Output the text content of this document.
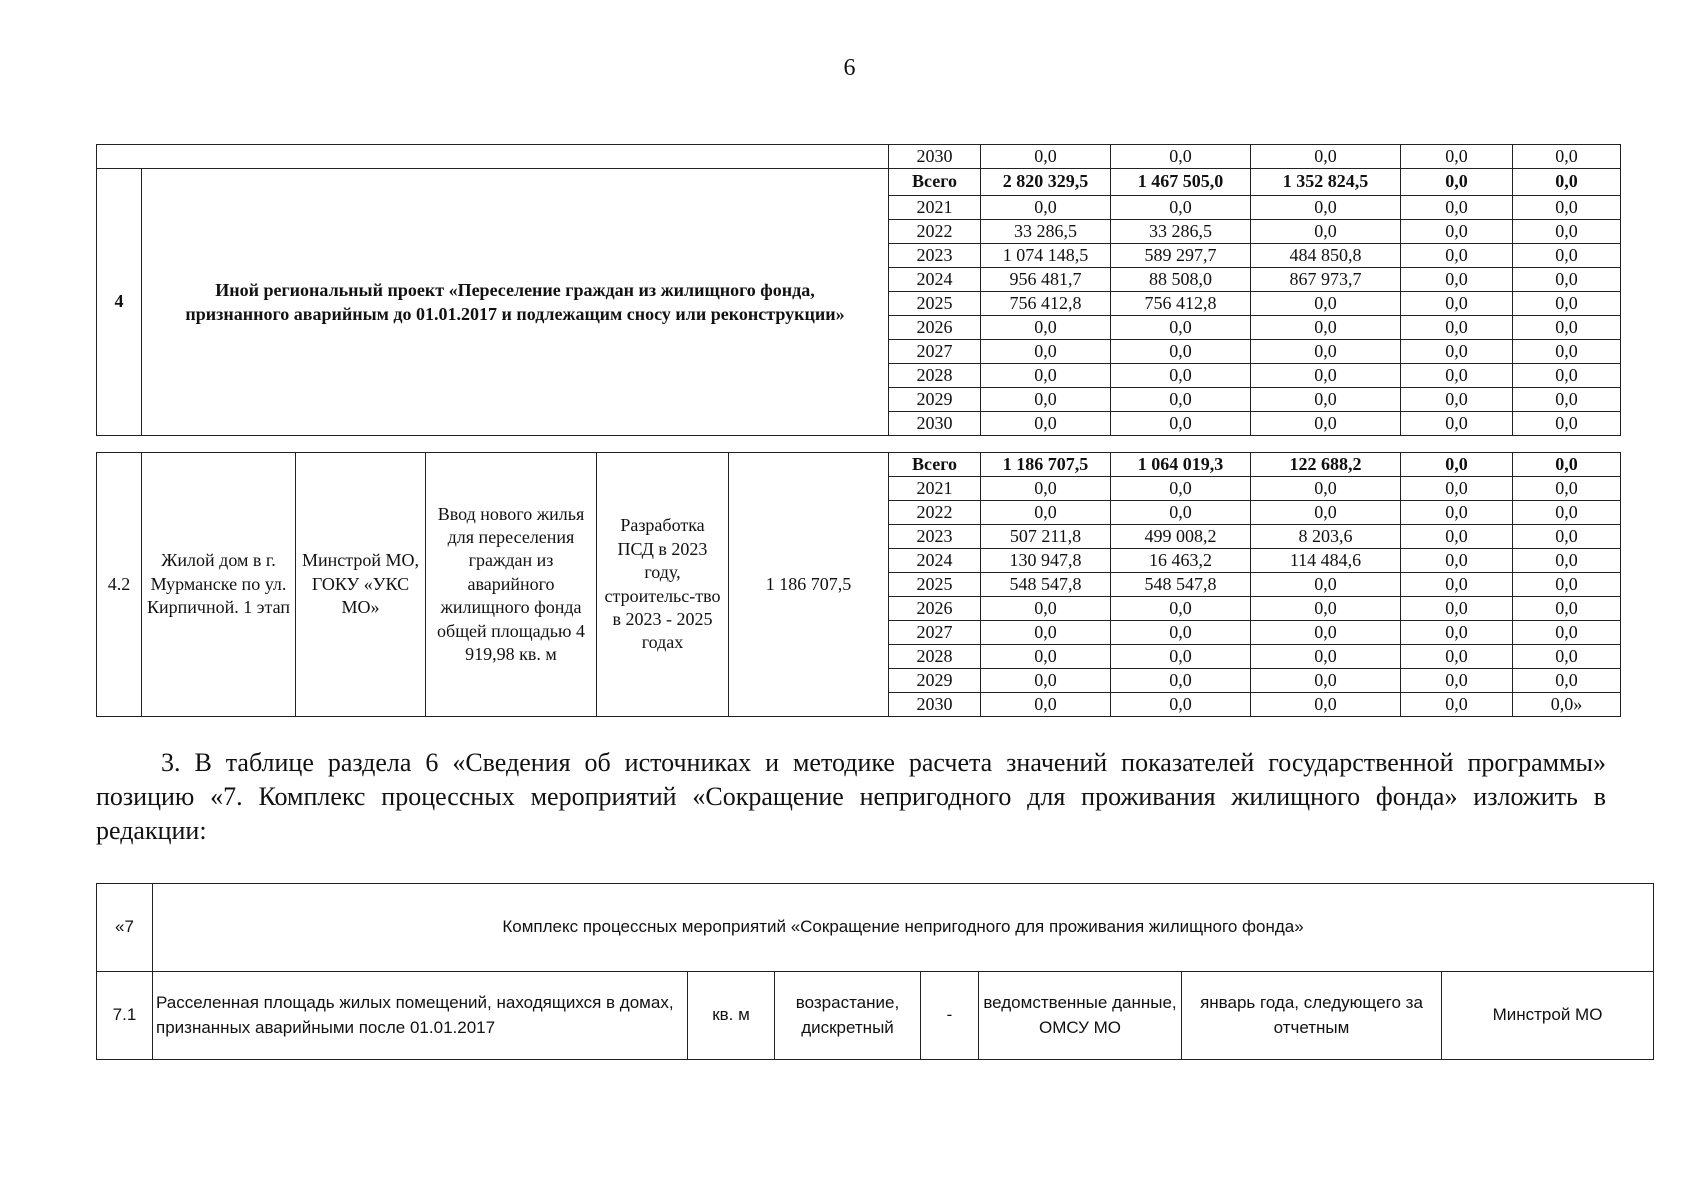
6
		2030	0,0	0,0	0,0	0,0	0,0
4	Иной региональный проект «Переселение граждан из жилищного фонда, признанного аварийным до 01.01.2017 и подлежащим сносу или реконструкции»	Всего	2 820 329,5	1 467 505,0	1 352 824,5	0,0	0,0
		2021	0,0	0,0	0,0	0,0	0,0
		2022	33 286,5	33 286,5	0,0	0,0	0,0
		2023	1 074 148,5	589 297,7	484 850,8	0,0	0,0
		2024	956 481,7	88 508,0	867 973,7	0,0	0,0
		2025	756 412,8	756 412,8	0,0	0,0	0,0
		2026	0,0	0,0	0,0	0,0	0,0
		2027	0,0	0,0	0,0	0,0	0,0
		2028	0,0	0,0	0,0	0,0	0,0
		2029	0,0	0,0	0,0	0,0	0,0
		2030	0,0	0,0	0,0	0,0	0,0
4.2	Жилой дом в г. Мурманске по ул. Кирпичной. 1 этап	Минстрой МО, ГОКУ «УКС МО»	Ввод нового жилья для переселения граждан из аварийного жилищного фонда общей площадью 4 919,98 кв. м	Разработка ПСД в 2023 году, строительс-тво в 2023 - 2025 годах	1 186 707,5	Всего	1 186 707,5	1 064 019,3	122 688,2	0,0	0,0
						2021	0,0	0,0	0,0	0,0	0,0
						2022	0,0	0,0	0,0	0,0	0,0
						2023	507 211,8	499 008,2	8 203,6	0,0	0,0
						2024	130 947,8	16 463,2	114 484,6	0,0	0,0
						2025	548 547,8	548 547,8	0,0	0,0	0,0
						2026	0,0	0,0	0,0	0,0	0,0
						2027	0,0	0,0	0,0	0,0	0,0
						2028	0,0	0,0	0,0	0,0	0,0
						2029	0,0	0,0	0,0	0,0	0,0
						2030	0,0	0,0	0,0	0,0	0,0»
3. В таблице раздела 6 «Сведения об источниках и методике расчета значений показателей государственной программы» позицию «7. Комплекс процессных мероприятий «Сокращение непригодного для проживания жилищного фонда» изложить в редакции:
«7	Комплекс процессных мероприятий «Сокращение непригодного для проживания жилищного фонда»						
7.1	Расселенная площадь жилых помещений, находящихся в домах, признанных аварийными после 01.01.2017	кв. м	возрастание, дискретный	-	ведомственные данные, ОМСУ МО	январь года, следующего за отчетным	Минстрой МО
